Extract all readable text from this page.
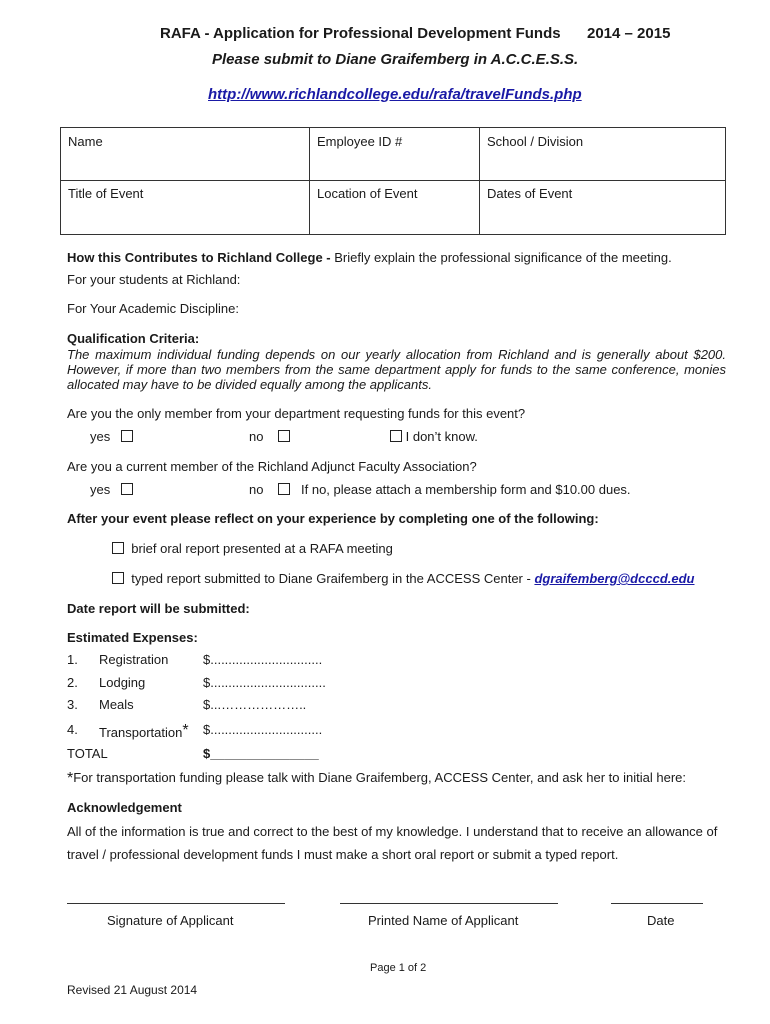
RAFA - Application for Professional Development Funds 2014 – 2015
Please submit to Diane Graifemberg in A.C.C.E.S.S.
http://www.richlandcollege.edu/rafa/travelFunds.php
Name	Employee ID #	School / Division
Title of Event	Location of Event	Dates of Event
How this Contributes to Richland College - Briefly explain the professional significance of the meeting.
For your students at Richland:
For Your Academic Discipline:
Qualification Criteria:
The maximum individual funding depends on our yearly allocation from Richland and is generally about $200. However, if more than two members from the same department apply for funds to the same conference, monies allocated may have to be divided equally among the applicants.
Are you the only member from your department requesting funds for this event?
yes	no	I don’t know.
Are you a current member of the Richland Adjunct Faculty Association?
yes	no	If no, please attach a membership form and $10.00 dues.
After your event please reflect on your experience by completing one of the following:
brief oral report presented at a RAFA meeting
typed report submitted to Diane Graifemberg in the ACCESS Center - dgraifemberg@dcccd.edu
Date report will be submitted:
Estimated Expenses:
1. Registration	$...............................
2. Lodging	$................................
3. Meals	$...………………..
4. Transportation* $...............................
TOTAL	$_______________
*For transportation funding please talk with Diane Graifemberg, ACCESS Center, and ask her to initial here:
Acknowledgement
All of the information is true and correct to the best of my knowledge. I understand that to receive an allowance of
travel / professional development funds I must make a short oral report or submit a typed report.
Signature of Applicant	Printed Name of Applicant	Date
Page 1 of 2
Revised 21 August 2014
